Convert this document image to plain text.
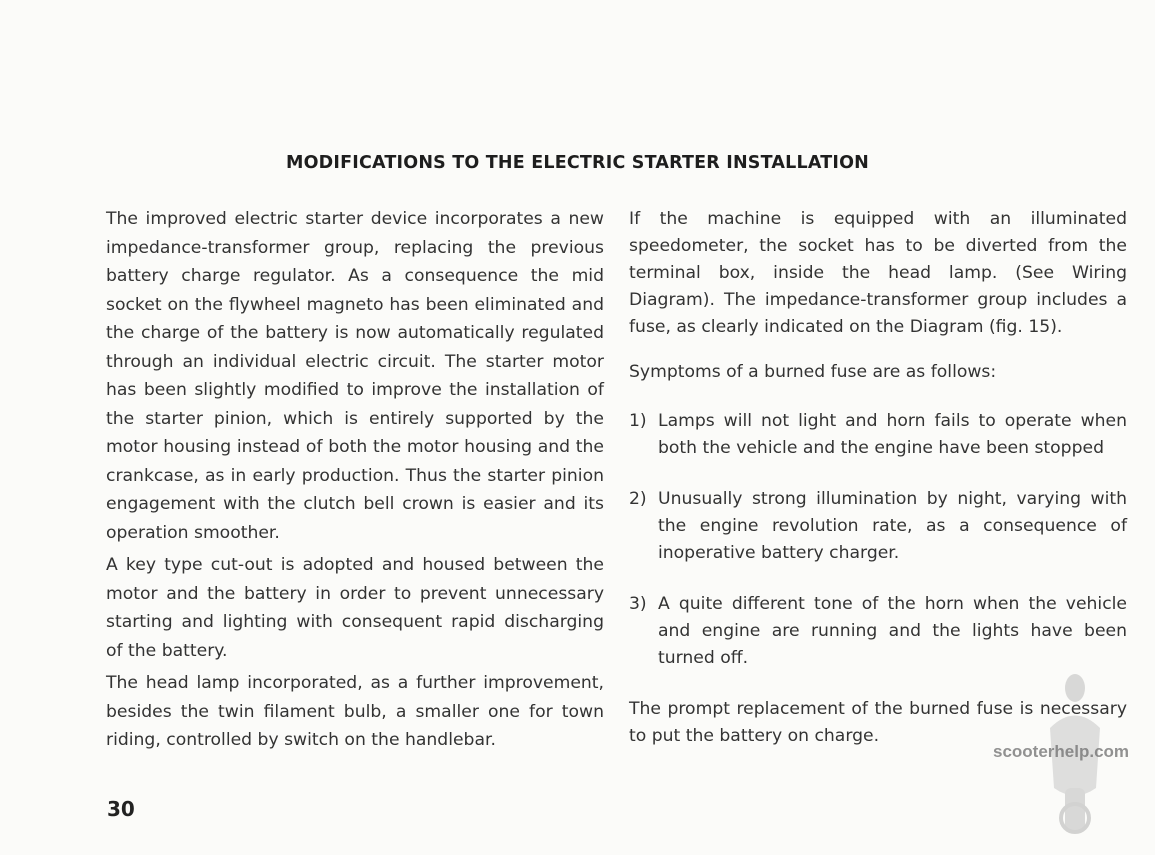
MODIFICATIONS TO THE ELECTRIC STARTER INSTALLATION

The improved electric starter device incorporates a new impedance-transformer group, replacing the previous battery charge regulator. As a consequence the mid socket on the flywheel magneto has been eliminated and the charge of the battery is now automatically regulated through an individual electric circuit. The starter motor has been slightly modified to improve the installation of the starter pinion, which is entirely supported by the motor housing instead of both the motor housing and the crankcase, as in early production. Thus the starter pinion engagement with the clutch bell crown is easier and its operation smoother.

A key type cut-out is adopted and housed between the motor and the battery in order to prevent unnecessary starting and lighting with consequent rapid discharging of the battery.

The head lamp incorporated, as a further improvement, besides the twin filament bulb, a smaller one for town riding, controlled by switch on the handlebar.

If the machine is equipped with an illuminated speedometer, the socket has to be diverted from the terminal box, inside the head lamp. (See Wiring Diagram). The impedance-transformer group includes a fuse, as clearly indicated on the Diagram (fig. 15).

Symptoms of a burned fuse are as follows:

1) Lamps will not light and horn fails to operate when both the vehicle and the engine have been stopped
2) Unusually strong illumination by night, varying with the engine revolution rate, as a consequence of inoperative battery charger.
3) A quite different tone of the horn when the vehicle and engine are running and the lights have been turned off.

The prompt replacement of the burned fuse is necessary to put the battery on charge.

30
scooterhelp.com
